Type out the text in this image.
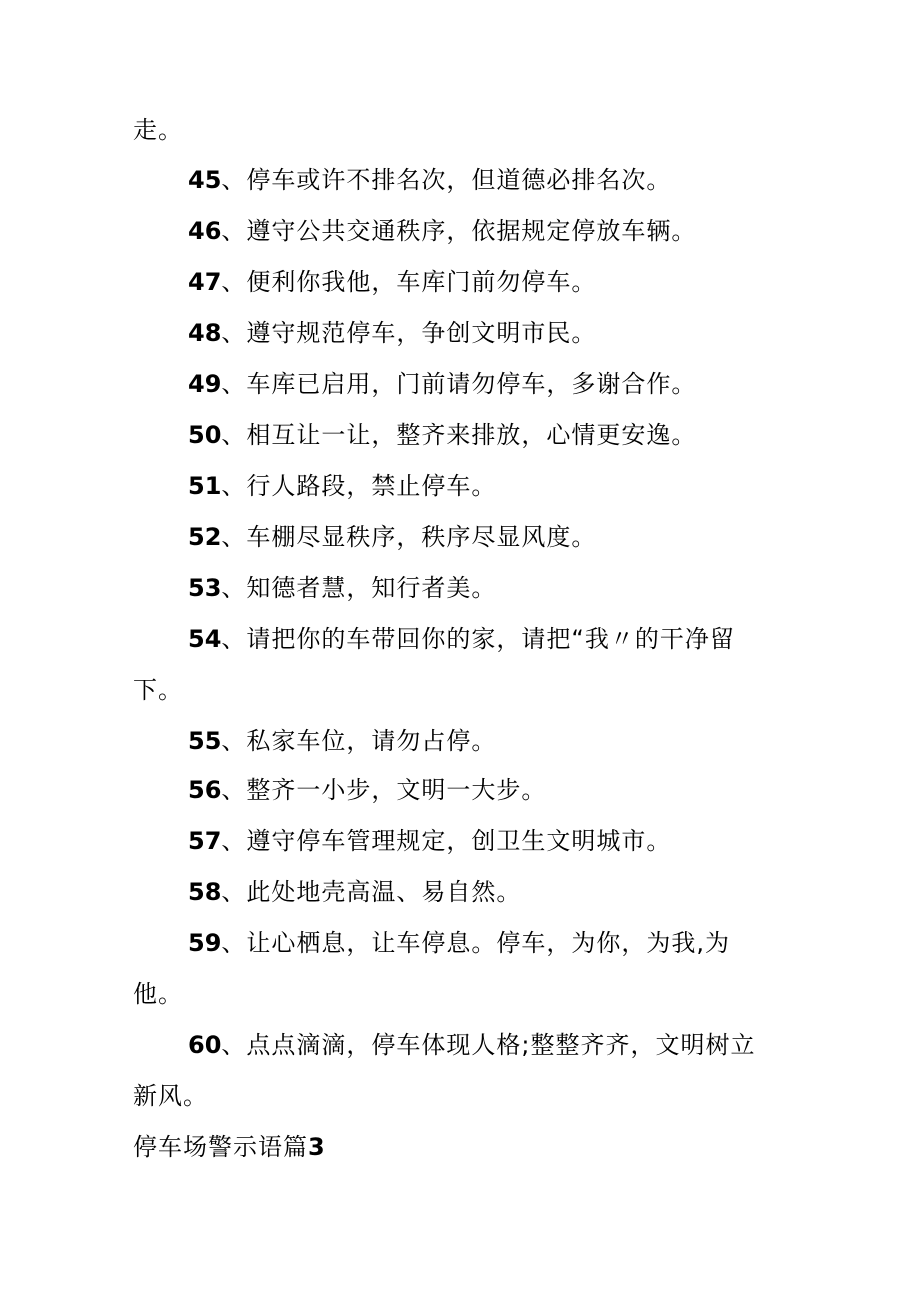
走。
45、停车或许不排名次，但道德必排名次。
46、遵守公共交通秩序，依据规定停放车辆。
47、便利你我他，车库门前勿停车。
48、遵守规范停车，争创文明市民。
49、车库已启用，门前请勿停车，多谢合作。
50、相互让一让，整齐来排放，心情更安逸。
51、行人路段，禁止停车。
52、车棚尽显秩序，秩序尽显风度。
53、知德者慧，知行者美。
54、请把你的车带回你的家，请把“我〃的干净留
下。
55、私家车位，请勿占停。
56、整齐一小步，文明一大步。
57、遵守停车管理规定，创卫生文明城市。
58、此处地壳高温、易自然。
59、让心栖息，让车停息。停车，为你，为我,为
他。
60、点点滴滴，停车体现人格;整整齐齐，文明树立
新风。
停车场警示语篇3
